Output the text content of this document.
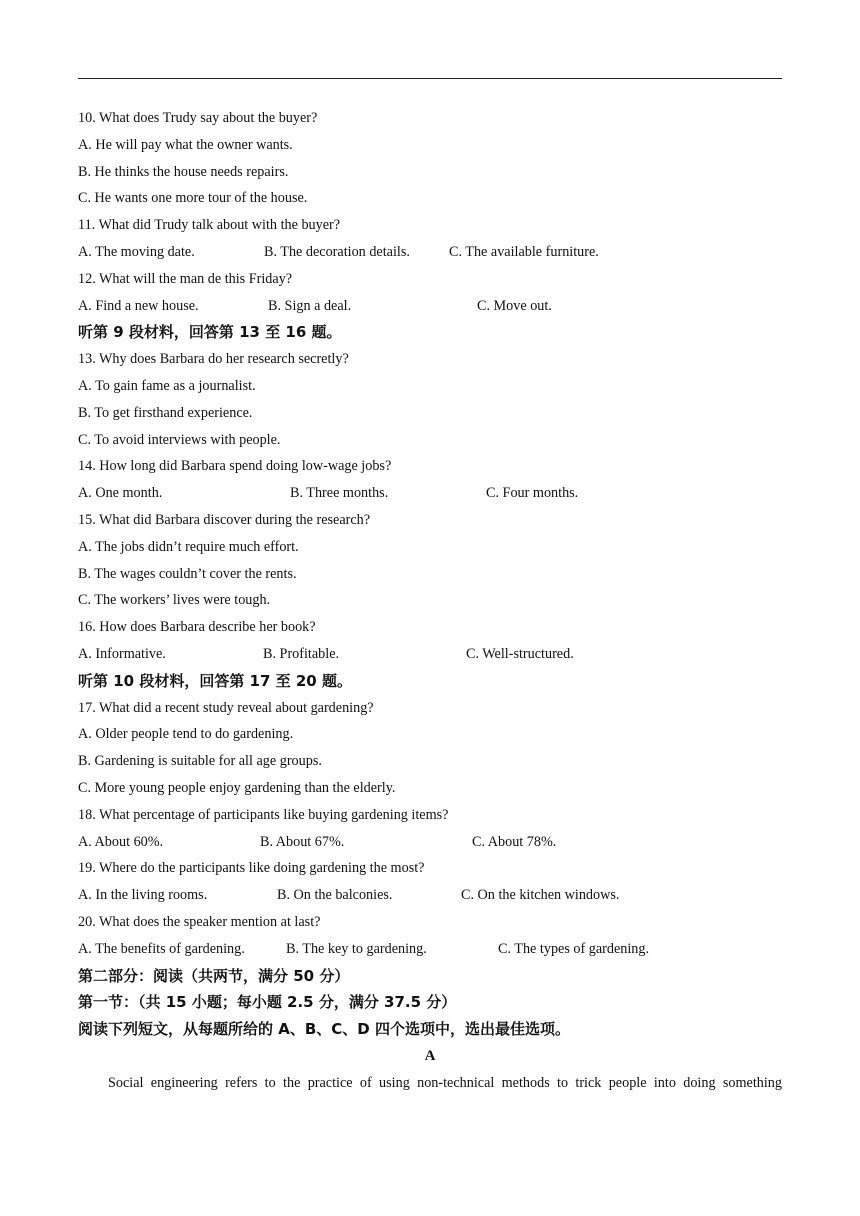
10. What does Trudy say about the buyer?
A. He will pay what the owner wants.
B. He thinks the house needs repairs.
C. He wants one more tour of the house.
11. What did Trudy talk about with the buyer?
A. The moving date.	B. The decoration details.	C. The available furniture.
12. What will the man de this Friday?
A. Find a new house.	B. Sign a deal.	C. Move out.
听第 9 段材料，回答第 13 至 16 题。
13. Why does Barbara do her research secretly?
A. To gain fame as a journalist.
B. To get firsthand experience.
C. To avoid interviews with people.
14. How long did Barbara spend doing low-wage jobs?
A. One month.	B. Three months.	C. Four months.
15. What did Barbara discover during the research?
A. The jobs didn’t require much effort.
B. The wages couldn’t cover the rents.
C. The workers’ lives were tough.
16. How does Barbara describe her book?
A. Informative.	B. Profitable.	C. Well-structured.
听第 10 段材料，回答第 17 至 20 题。
17. What did a recent study reveal about gardening?
A. Older people tend to do gardening.
B. Gardening is suitable for all age groups.
C. More young people enjoy gardening than the elderly.
18. What percentage of participants like buying gardening items?
A. About 60%.	B. About 67%.	C. About 78%.
19. Where do the participants like doing gardening the most?
A. In the living rooms.	B. On the balconies.	C. On the kitchen windows.
20. What does the speaker mention at last?
A. The benefits of gardening.	B. The key to gardening.	C. The types of gardening.
第二部分：阅读（共两节，满分 50 分）
第一节：（共 15 小题；每小题 2.5 分，满分 37.5 分）
阅读下列短文，从每题所给的 A、B、C、D 四个选项中，选出最佳选项。
A
Social engineering refers to the practice of using non-technical methods to trick people into doing something
